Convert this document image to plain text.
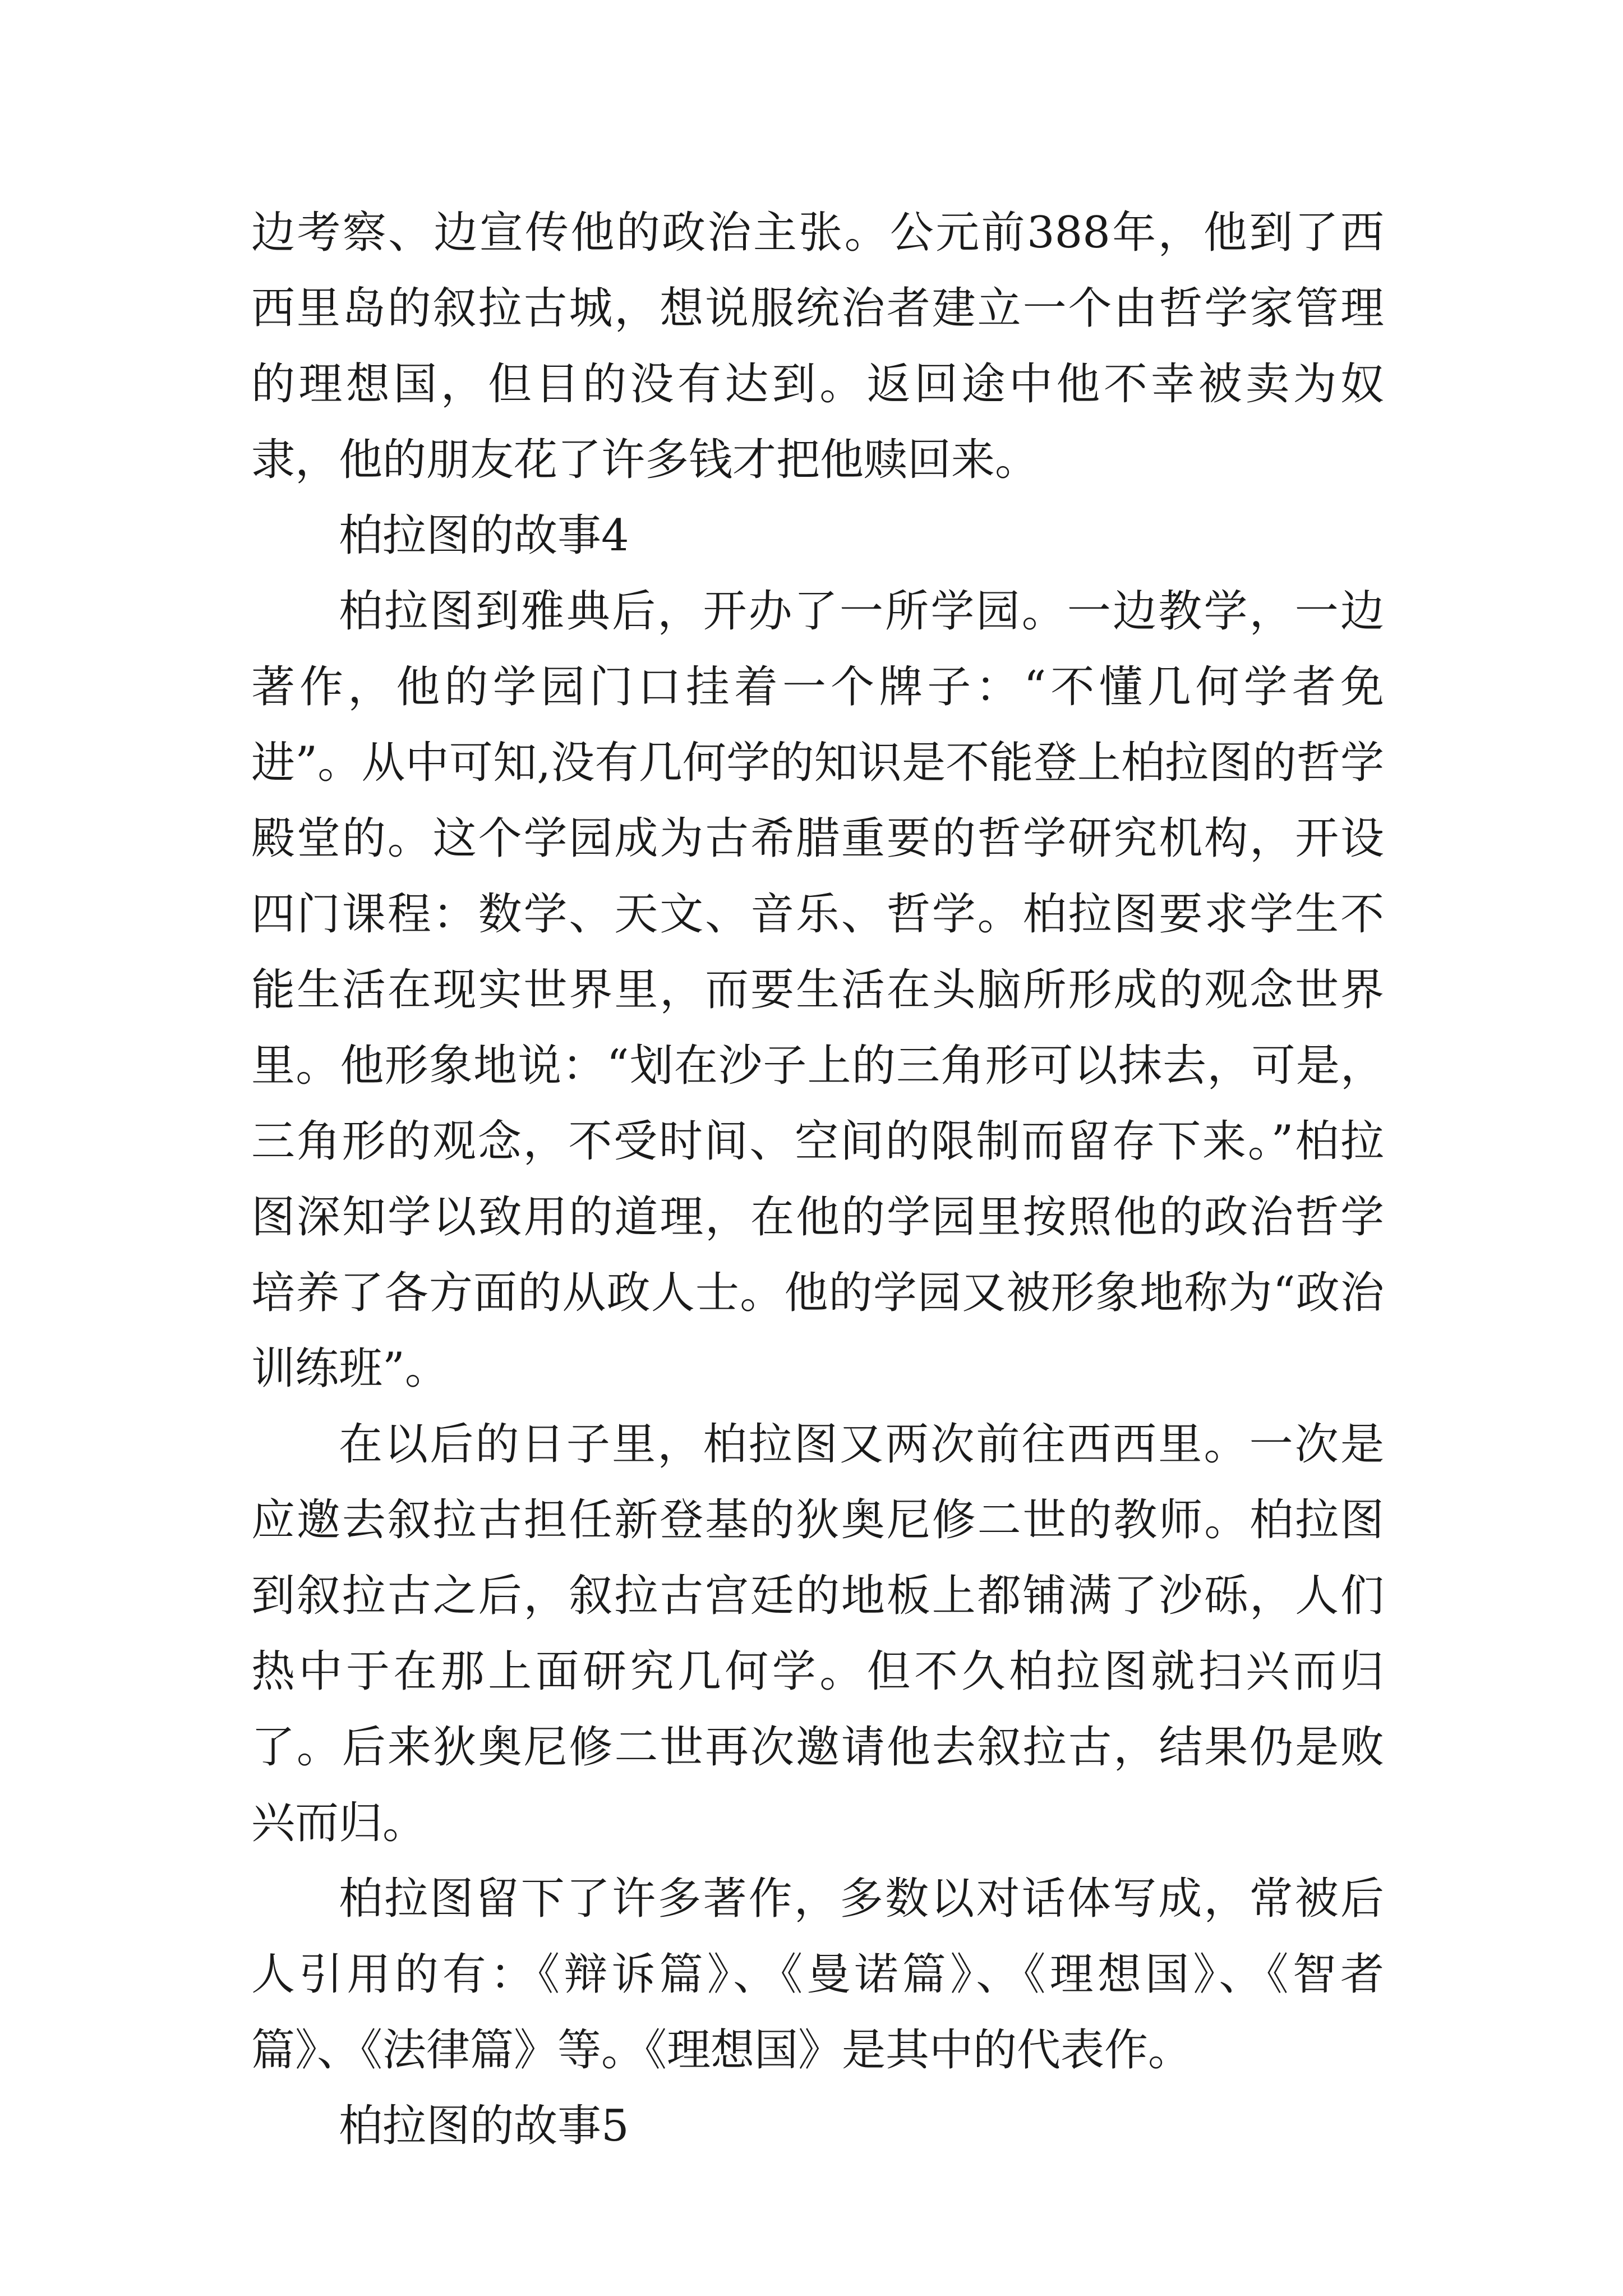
边考察、边宣传他的政治主张。公元前388年，他到了西西里岛的叙拉古城，想说服统治者建立一个由哲学家管理的理想国，但目的没有达到。返回途中他不幸被卖为奴隶，他的朋友花了许多钱才把他赎回来。

柏拉图的故事4

柏拉图到雅典后，开办了一所学园。一边教学，一边著作，他的学园门口挂着一个牌子：“不懂几何学者免进”。从中可知,没有几何学的知识是不能登上柏拉图的哲学殿堂的。这个学园成为古希腊重要的哲学研究机构，开设四门课程：数学、天文、音乐、哲学。柏拉图要求学生不能生活在现实世界里，而要生活在头脑所形成的观念世界里。他形象地说：“划在沙子上的三角形可以抹去，可是，三角形的观念，不受时间、空间的限制而留存下来。”柏拉图深知学以致用的道理，在他的学园里按照他的政治哲学培养了各方面的从政人士。他的学园又被形象地称为“政治训练班”。

在以后的日子里，柏拉图又两次前往西西里。一次是应邀去叙拉古担任新登基的狄奥尼修二世的教师。柏拉图到叙拉古之后，叙拉古宫廷的地板上都铺满了沙砾，人们热中于在那上面研究几何学。但不久柏拉图就扫兴而归了。后来狄奥尼修二世再次邀请他去叙拉古，结果仍是败兴而归。

柏拉图留下了许多著作，多数以对话体写成，常被后人引用的有：《辩诉篇》、《曼诺篇》、《理想国》、《智者篇》、《法律篇》等。《理想国》是其中的代表作。

柏拉图的故事5
